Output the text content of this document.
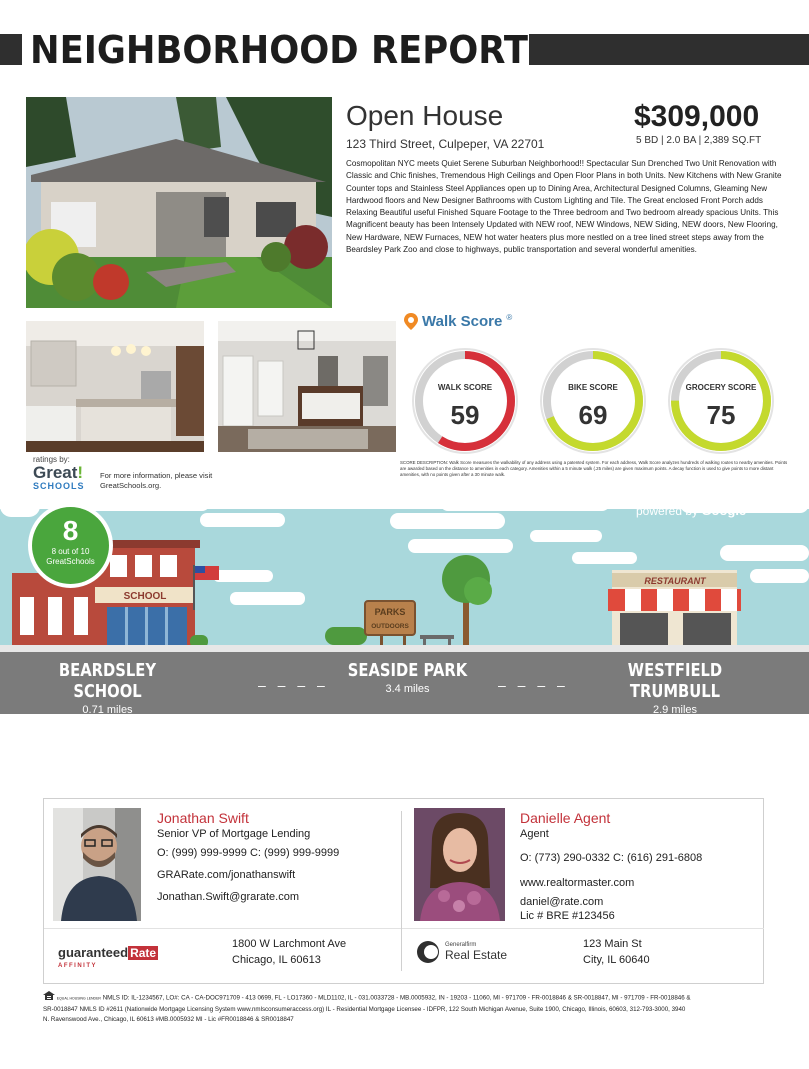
NEIGHBORHOOD REPORT
Open House
123 Third Street, Culpeper, VA 22701
$309,000
5 BD | 2.0 BA | 2,389 SQ.FT
Cosmopolitan NYC meets Quiet Serene Suburban Neighborhood!! Spectacular Sun Drenched Two Unit Renovation with Classic and Chic finishes, Tremendous High Ceilings and Open Floor Plans in both Units. New Kitchens with New Granite Counter tops and Stainless Steel Appliances open up to Dining Area, Architectural Designed Columns, Gleaming New Hardwood floors and New Designer Bathrooms with Custom Lighting and Tile. The Great enclosed Front Porch adds Relaxing Beautiful useful Finished Square Footage to the Three bedroom and Two bedroom already spacious Units. This Magnificent beauty has been Intensely Updated with NEW roof, NEW Windows, NEW Siding, NEW doors, New Flooring, New Hardware, NEW Furnaces, NEW hot water heaters plus more nestled on a tree lined street steps away from the Beardsley Park Zoo and close to highways, public transportation and several wonderful amenities.
Walk Score ®
WALK SCORE
59
BIKE SCORE
69
GROCERY SCORE
75
SCORE DESCRIPTION: Walk Score measures the walkability of any address using a patented system. For each address, Walk Score analyzes hundreds of walking routes to nearby amenities. Points are awarded based on the distance to amenities in each category. Amenities within a 5 minute walk (.25 miles) are given maximum points. A decay function is used to give points to more distant amenities, with no points given after a 30 minute walk.
ratings by:
Great!
SCHOOLS
For more information, please visit
GreatSchools.org.
SCHOOL
PARKS
OUTDOORS
RESTAURANT
powered by Google
8
8 out of 10
GreatSchools
BEARDSLEY SCHOOL
0.71 miles
– – – –
SEASIDE PARK
3.4 miles	– – – –
WESTFIELD TRUMBULL
2.9 miles
Jonathan Swift
Senior VP of Mortgage Lending
O: (999) 999-9999 C: (999) 999-9999
GRARate.com/jonathanswift
Jonathan.Swift@grarate.com
guaranteed Rate
AFFINITY
1800 W Larchmont Ave
Chicago, IL 60613
Danielle Agent
Agent
O: (773) 290-0332 C: (616) 291-6808
www.realtormaster.com
daniel@rate.com
Lic # BRE #123456
Generalfirm
Real Estate
123 Main St
City, IL 60640
EQUAL HOUSING LENDER NMLS ID: IL-1234567, LO#: CA - CA-DOC971709 - 413 0699, FL - LO17360 - MLD1102, IL - 031.0033728 - MB.0005932, IN - 19203 - 11060, MI - 971709 - FR-0018846 & SR-0018847, MI - 971709 - FR-0018846 & SR-0018847 NMLS ID #2611 (Nationwide Mortgage Licensing System www.nmlsconsumeraccess.org) IL - Residential Mortgage Licensee - IDFPR, 122 South Michigan Avenue, Suite 1900, Chicago, Illinois, 60603, 312-793-3000, 3940 N. Ravenswood Ave., Chicago, IL 60613 #MB.0005932 MI - Lic #FR0018846 & SR0018847
